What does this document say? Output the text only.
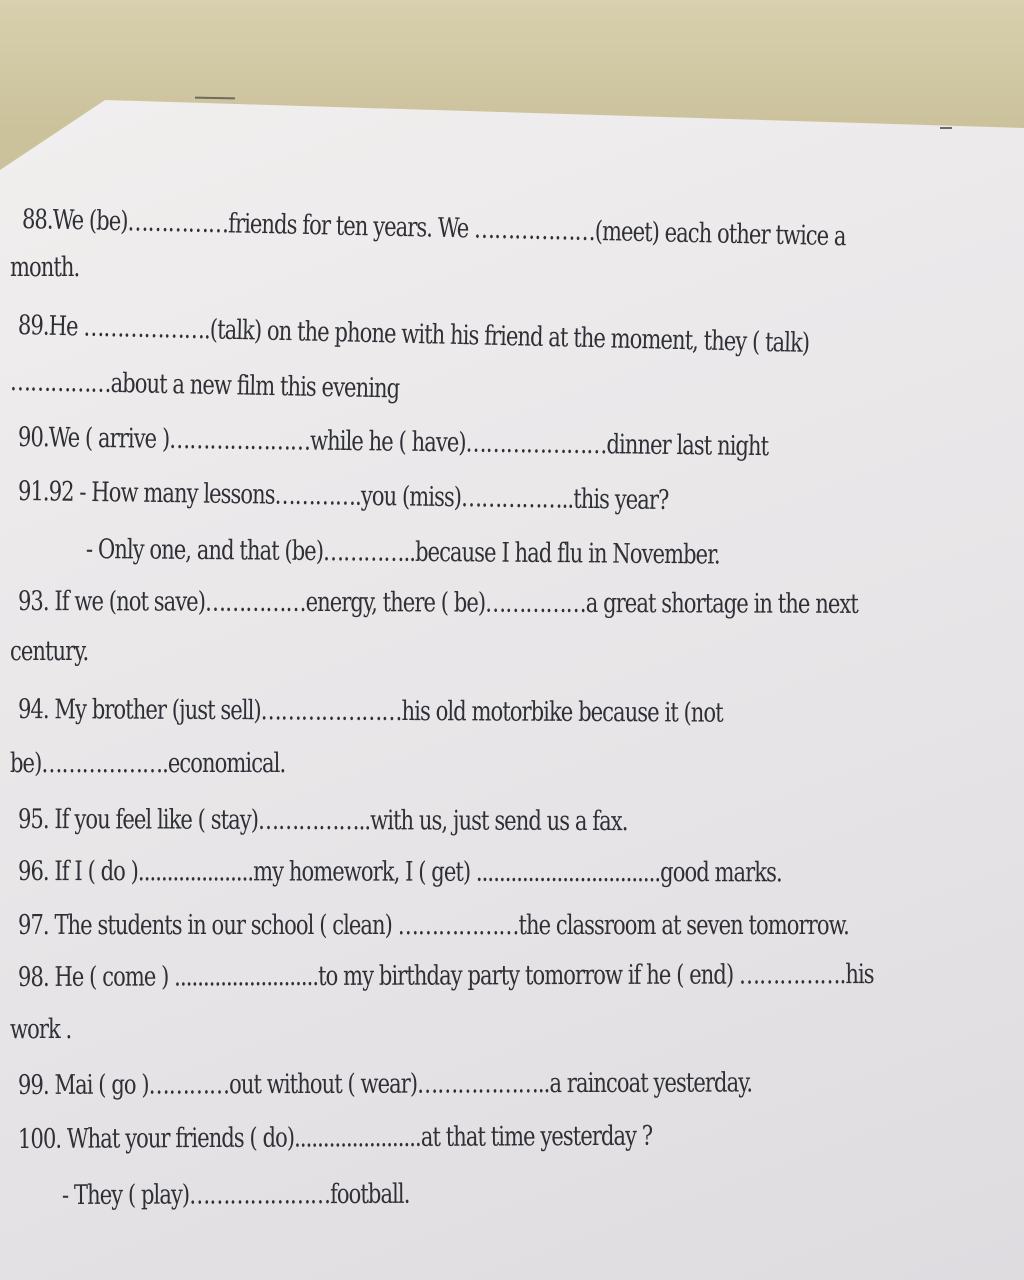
88.We (be)……………friends for ten years. We ………………(meet) each other twice a
month.
89.He ……………….(talk) on the phone with his friend at the moment, they ( talk)
……………about a new film this evening
90.We ( arrive )…………………while he ( have)…………………dinner last night
91.92 - How many lessons………….you (miss)……………..this year?
- Only one, and that (be)…………..because I had flu in November.
93. If we (not save)……………energy, there ( be)……………a great shortage in the next
century.
94. My brother (just sell)…………………his old motorbike because it (not
be)……………….economical.
95. If you feel like ( stay)……………..with us, just send us a fax.
96. If I ( do )....................my homework, I ( get) ................................good marks.
97. The students in our school ( clean) ………………the classroom at seven tomorrow.
98. He ( come ) .........................to my birthday party tomorrow if he ( end) …………….his
work .
99. Mai ( go )…………out without ( wear)………………..a raincoat yesterday.
100. What your friends ( do)......................at that time yesterday ?
- They ( play)…………………football.
